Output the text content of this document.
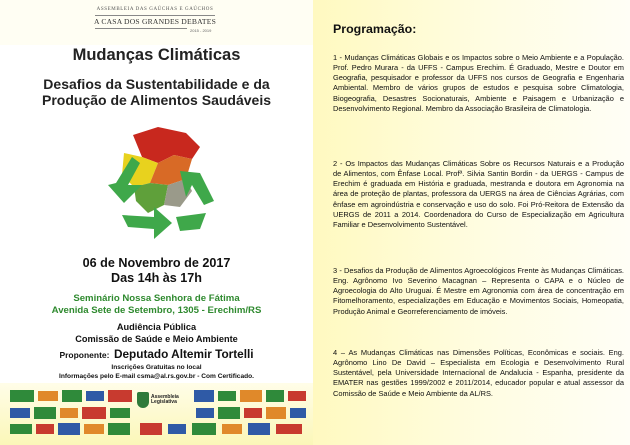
ASSEMBLEIA DAS GAÚCHAS E GAÚCHOS
A CASA DOS GRANDES DEBATES
2015 - 2019
Mudanças Climáticas
Desafios da Sustentabilidade e da
Produção de Alimentos Saudáveis
06 de Novembro de 2017
Das 14h às 17h
Seminário Nossa Senhora de Fátima
Avenida Sete de Setembro, 1305 - Erechim/RS
Audiência Pública
Comissão de Saúde e Meio Ambiente
Proponente: Deputado Altemir Tortelli
Inscrições Gratuitas no local
Informações pelo E-mail csma@al.rs.gov.br - Com Certificado.
Assembleia
Legislativa
Programação:
1 - Mudanças Climáticas Globais e os Impactos sobre o Meio Ambiente e a População. Prof. Pedro Murara - da UFFS - Campus Erechim. É Graduado, Mestre e Doutor em Geografia, pesquisador e professor da UFFS nos cursos de Geografia e Engenharia Ambiental. Membro de vários grupos de estudos e pesquisa sobre Climatologia, Biogeografia, Desastres Socionaturais, Ambiente e Paisagem e Urbanização e Desenvolvimento Regional. Membro da Associação Brasileira de Climatologia.
2 - Os Impactos das Mudanças Climáticas Sobre os Recursos Naturais e a Produção de Alimentos, com Ênfase Local. Profª. Silvia Santin Bordin - da UERGS - Campus de Erechim é graduada em História e graduada, mestranda e doutora em Agronomia na área de proteção de plantas, professora da UERGS na área de Ciências Agrárias, com ênfase em agroindústria e conservação e uso do solo. Foi Pró-Reitora de Extensão da UERGS de 2011 a 2014. Coordenadora do Curso de Especialização em Agricultura Familiar e Desenvolvimento Sustentável.
3 - Desafios da Produção de Alimentos Agroecológicos Frente às Mudanças Climáticas. Eng. Agrônomo Ivo Severino Macagnan – Representa o CAPA e o Núcleo de Agroecologia do Alto Uruguai. É Mestre em Agronomia com área de concentração em Fitomelhoramento, especializações em Educação e Movimentos Sociais, Homeopatia, Produção Animal e Georreferenciamento de imóveis.
4 – As Mudanças Climáticas nas Dimensões Políticas, Econômicas e sociais. Eng. Agrônomo Lino De David – Especialista em Ecologia e Desenvolvimento Rural Sustentável, pela Universidade Internacional de Andalucia - Espanha, presidente da EMATER nas gestões 1999/2002 e 2011/2014, educador popular e atual assessor da Comissão de Saúde e Meio Ambiente da AL/RS.
